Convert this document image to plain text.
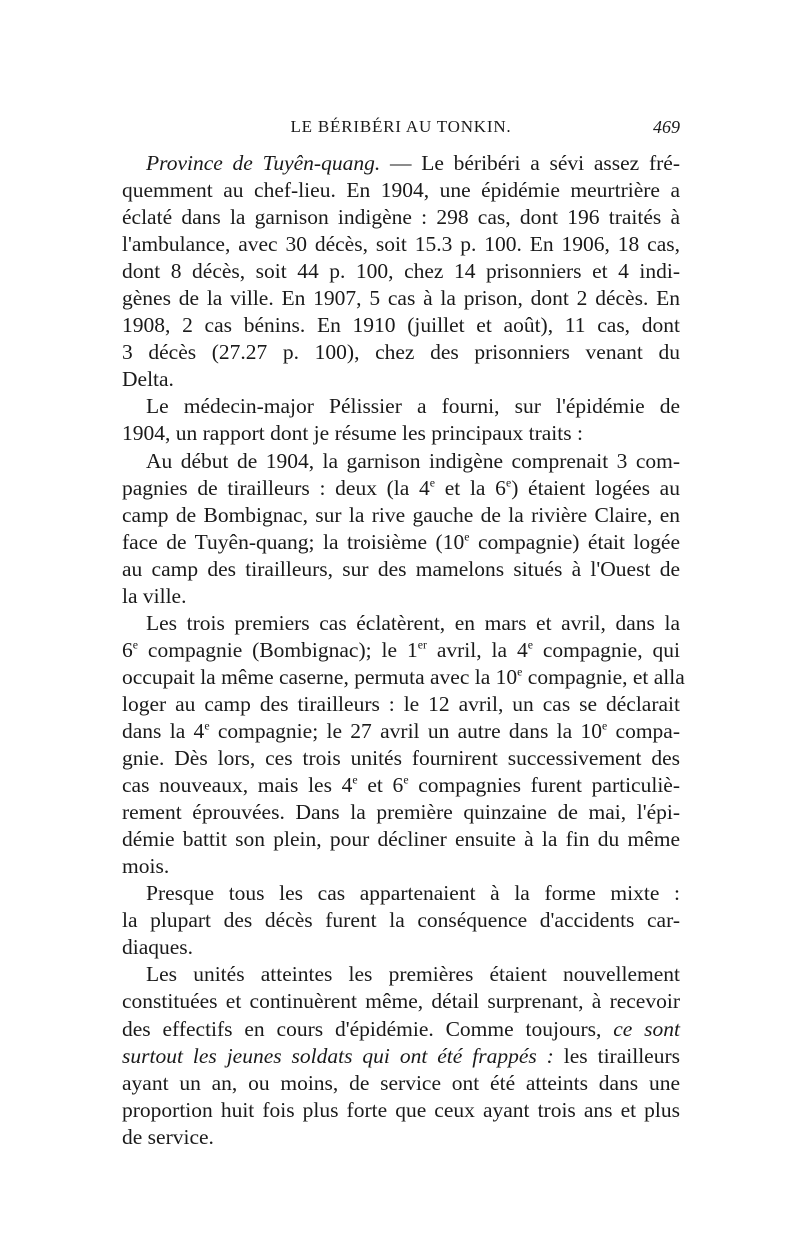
LE BÉRIBÉRI AU TONKIN.	469
Province de Tuyên-quang. — Le béribéri a sévi assez fré-
quemment au chef-lieu. En 1904, une épidémie meurtrière a
éclaté dans la garnison indigène : 298 cas, dont 196 traités à
l'ambulance, avec 30 décès, soit 15.3 p. 100. En 1906, 18 cas,
dont 8 décès, soit 44 p. 100, chez 14 prisonniers et 4 indi-
gènes de la ville. En 1907, 5 cas à la prison, dont 2 décès. En
1908, 2 cas bénins. En 1910 (juillet et août), 11 cas, dont
3 décès (27.27 p. 100), chez des prisonniers venant du
Delta.
Le médecin-major Pélissier a fourni, sur l'épidémie de
1904, un rapport dont je résume les principaux traits :
Au début de 1904, la garnison indigène comprenait 3 com-
pagnies de tirailleurs : deux (la 4e et la 6e) étaient logées au
camp de Bombignac, sur la rive gauche de la rivière Claire, en
face de Tuyên-quang; la troisième (10e compagnie) était logée
au camp des tirailleurs, sur des mamelons situés à l'Ouest de
la ville.
Les trois premiers cas éclatèrent, en mars et avril, dans la
6e compagnie (Bombignac); le 1er avril, la 4e compagnie, qui
occupait la même caserne, permuta avec la 10e compagnie, et alla
loger au camp des tirailleurs : le 12 avril, un cas se déclarait
dans la 4e compagnie; le 27 avril un autre dans la 10e compa-
gnie. Dès lors, ces trois unités fournirent successivement des
cas nouveaux, mais les 4e et 6e compagnies furent particuliè-
rement éprouvées. Dans la première quinzaine de mai, l'épi-
démie battit son plein, pour décliner ensuite à la fin du même
mois.
Presque tous les cas appartenaient à la forme mixte :
la plupart des décès furent la conséquence d'accidents car-
diaques.
Les unités atteintes les premières étaient nouvellement
constituées et continuèrent même, détail surprenant, à recevoir
des effectifs en cours d'épidémie. Comme toujours, ce sont
surtout les jeunes soldats qui ont été frappés : les tirailleurs
ayant un an, ou moins, de service ont été atteints dans une
proportion huit fois plus forte que ceux ayant trois ans et plus
de service.
